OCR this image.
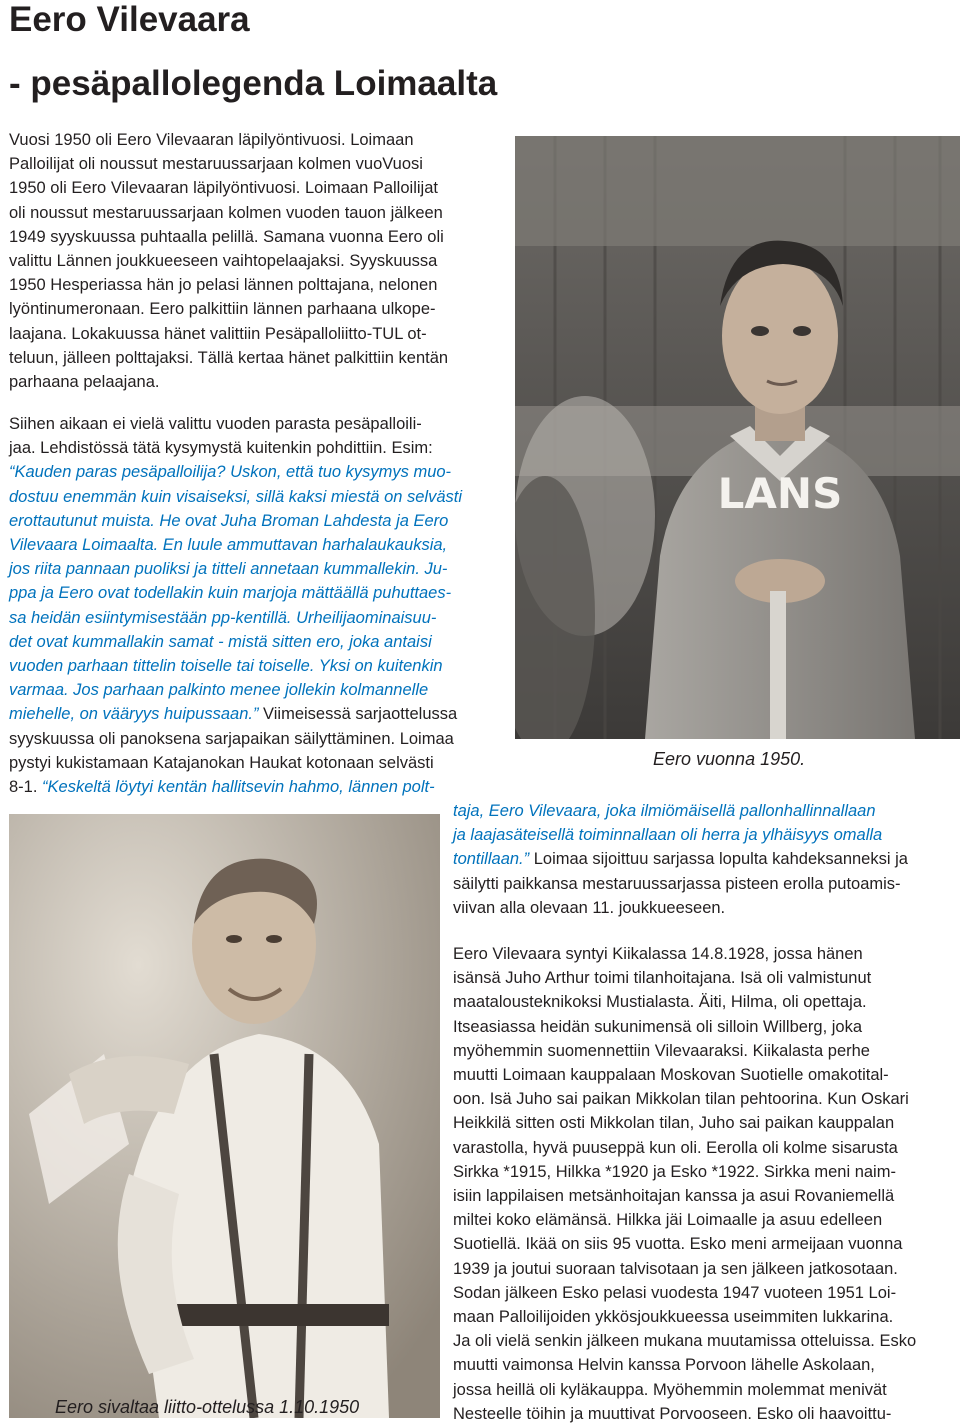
Eero Vilevaara
- pesäpallolegenda Loimaalta
Vuosi 1950 oli Eero Vilevaaran läpilyöntivuosi. Loimaan
Palloilijat oli noussut mestaruussarjaan kolmen vuoVuosi
1950 oli Eero Vilevaaran läpilyöntivuosi. Loimaan Palloilijat
oli noussut mestaruussarjaan kolmen vuoden tauon jälkeen
1949 syyskuussa puhtaalla pelillä. Samana vuonna Eero oli
valittu Lännen joukkueeseen vaihtopelaajaksi. Syyskuussa
1950 Hesperiassa hän jo pelasi lännen polttajana, nelonen
lyöntinumeronaan. Eero palkittiin lännen parhaana ulkope-
laajana. Lokakuussa hänet valittiin Pesäpalloliitto-TUL ot-
teluun, jälleen polttajaksi. Tällä kertaa hänet palkittiin kentän
parhaana pelaajana.
Siihen aikaan ei vielä valittu vuoden parasta pesäpalloili-
jaa. Lehdistössä tätä kysymystä kuitenkin pohdittiin. Esim:
“Kauden paras pesäpalloilija? Uskon, että tuo kysymys muo-
dostuu enemmän kuin visaiseksi, sillä kaksi miestä on selvästi
erottautunut muista. He ovat Juha Broman Lahdesta ja Eero
Vilevaara Loimaalta. En luule ammuttavan harhalaukauksia,
jos riita pannaan puoliksi ja titteli annetaan kummallekin. Ju-
ppa ja Eero ovat todellakin kuin marjoja mättäällä puhuttaes-
sa heidän esiintymisestään pp-kentillä. Urheilijaominaisuu-
det ovat kummallakin samat - mistä sitten ero, joka antaisi
vuoden parhaan tittelin toiselle tai toiselle. Yksi on kuitenkin
varmaa. Jos parhaan palkinto menee jollekin kolmannelle
miehelle, on vääryys huipussaan.” Viimeisessä sarjaottelussa
syyskuussa oli panoksena sarjapaikan säilyttäminen. Loimaa
pystyi kukistamaan Katajanokan Haukat kotonaan selvästi
8-1. “Keskeltä löytyi kentän hallitsevin hahmo, lännen polt-
taja, Eero Vilevaara, joka ilmiömäisellä pallonhallinnallaan
ja laajasäteisellä toiminnallaan oli herra ja ylhäisyys omalla
tontillaan.” Loimaa sijoittuu sarjassa lopulta kahdeksanneksi ja
säilytti paikkansa mestaruussarjassa pisteen erolla putoamis-
viivan alla olevaan 11. joukkueeseen.
Eero Vilevaara syntyi Kiikalassa 14.8.1928, jossa hänen
isänsä Juho Arthur toimi tilanhoitajana. Isä oli valmistunut
maatalousteknikoksi Mustialasta. Äiti, Hilma, oli opettaja.
Itseasiassa heidän sukunimensä oli silloin Willberg, joka
myöhemmin suomennettiin Vilevaaraksi. Kiikalasta perhe
muutti Loimaan kauppalaan Moskovan Suotielle omakotital-
oon. Isä Juho sai paikan Mikkolan tilan pehtoorina. Kun Oskari
Heikkilä sitten osti Mikkolan tilan, Juho sai paikan kauppalan
varastolla, hyvä puuseppä kun oli. Eerolla oli kolme sisarusta
Sirkka *1915, Hilkka *1920 ja Esko *1922. Sirkka meni naim-
isiin lappilaisen metsänhoitajan kanssa ja asui Rovaniemellä
miltei koko elämänsä. Hilkka jäi Loimaalle ja asuu edelleen
Suotiellä. Ikää on siis 95 vuotta. Esko meni armeijaan vuonna
1939 ja joutui suoraan talvisotaan ja sen jälkeen jatkosotaan.
Sodan jälkeen Esko pelasi vuodesta 1947 vuoteen 1951 Loi-
maan Palloilijoiden ykkösjoukkueessa useimmiten lukkarina.
Ja oli vielä senkin jälkeen mukana muutamissa otteluissa. Esko
muutti vaimonsa Helvin kanssa Porvoon lähelle Askolaan,
jossa heillä oli kyläkauppa. Myöhemmin molemmat menivät
Nesteelle töihin ja muuttivat Porvooseen. Esko oli haavoittu-
LANS

Eero vuonna 1950.

Eero sivaltaa liitto-ottelussa 1.10.1950
